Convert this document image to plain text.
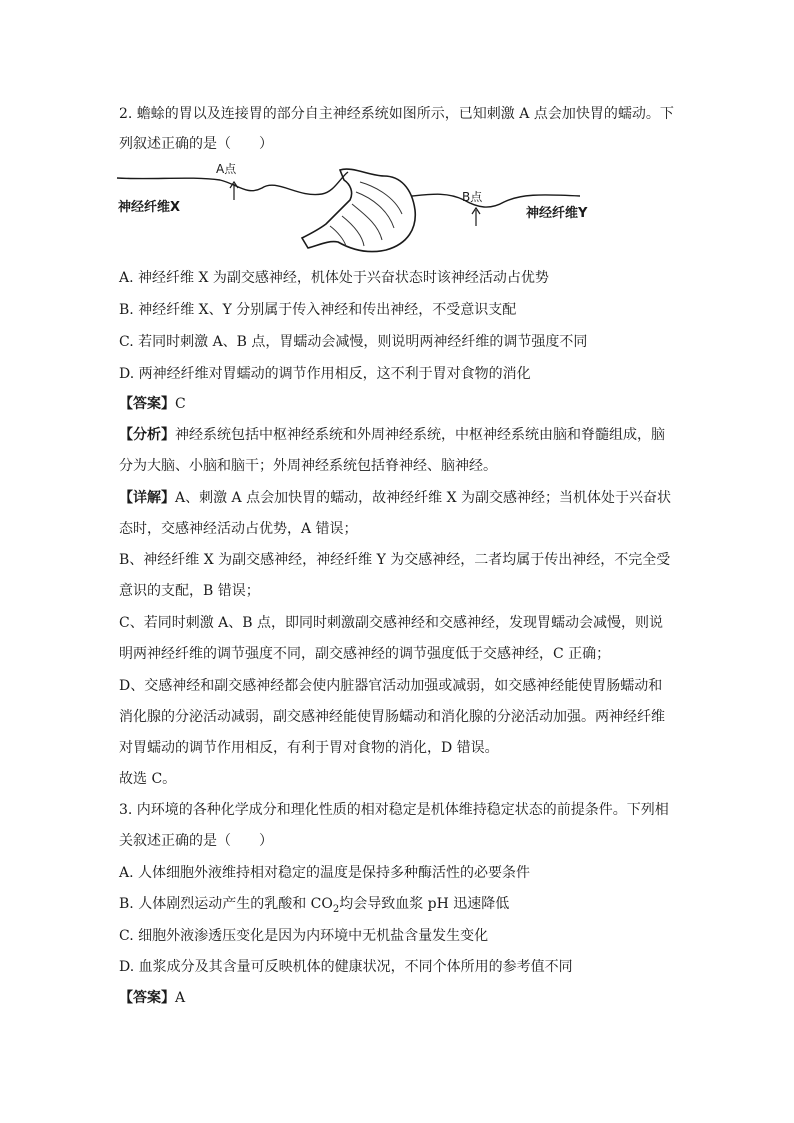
2. 蟾蜍的胃以及连接胃的部分自主神经系统如图所示，已知刺激 A 点会加快胃的蠕动。下
列叙述正确的是（　　）
A点
B点
神经纤维X	神经纤维Y
A. 神经纤维 X 为副交感神经，机体处于兴奋状态时该神经活动占优势
B. 神经纤维 X、Y 分别属于传入神经和传出神经，不受意识支配
C. 若同时刺激 A、B 点，胃蠕动会减慢，则说明两神经纤维的调节强度不同
D. 两神经纤维对胃蠕动的调节作用相反，这不利于胃对食物的消化
【答案】C
【分析】神经系统包括中枢神经系统和外周神经系统，中枢神经系统由脑和脊髓组成，脑
分为大脑、小脑和脑干；外周神经系统包括脊神经、脑神经。
【详解】A、刺激 A 点会加快胃的蠕动，故神经纤维 X 为副交感神经；当机体处于兴奋状
态时，交感神经活动占优势，A 错误；
B、神经纤维 X 为副交感神经，神经纤维 Y 为交感神经，二者均属于传出神经，不完全受
意识的支配，B 错误；
C、若同时刺激 A、B 点，即同时刺激副交感神经和交感神经，发现胃蠕动会减慢，则说
明两神经纤维的调节强度不同，副交感神经的调节强度低于交感神经，C 正确；
D、交感神经和副交感神经都会使内脏器官活动加强或减弱，如交感神经能使胃肠蠕动和
消化腺的分泌活动减弱，副交感神经能使胃肠蠕动和消化腺的分泌活动加强。两神经纤维
对胃蠕动的调节作用相反，有利于胃对食物的消化，D 错误。
故选 C。
3. 内环境的各种化学成分和理化性质的相对稳定是机体维持稳定状态的前提条件。下列相
关叙述正确的是（　　）
A. 人体细胞外液维持相对稳定的温度是保持多种酶活性的必要条件
B. 人体剧烈运动产生的乳酸和 $CO_2$均会导致血浆 pH 迅速降低
C. 细胞外液渗透压变化是因为内环境中无机盐含量发生变化
D. 血浆成分及其含量可反映机体的健康状况，不同个体所用的参考值不同
【答案】A
